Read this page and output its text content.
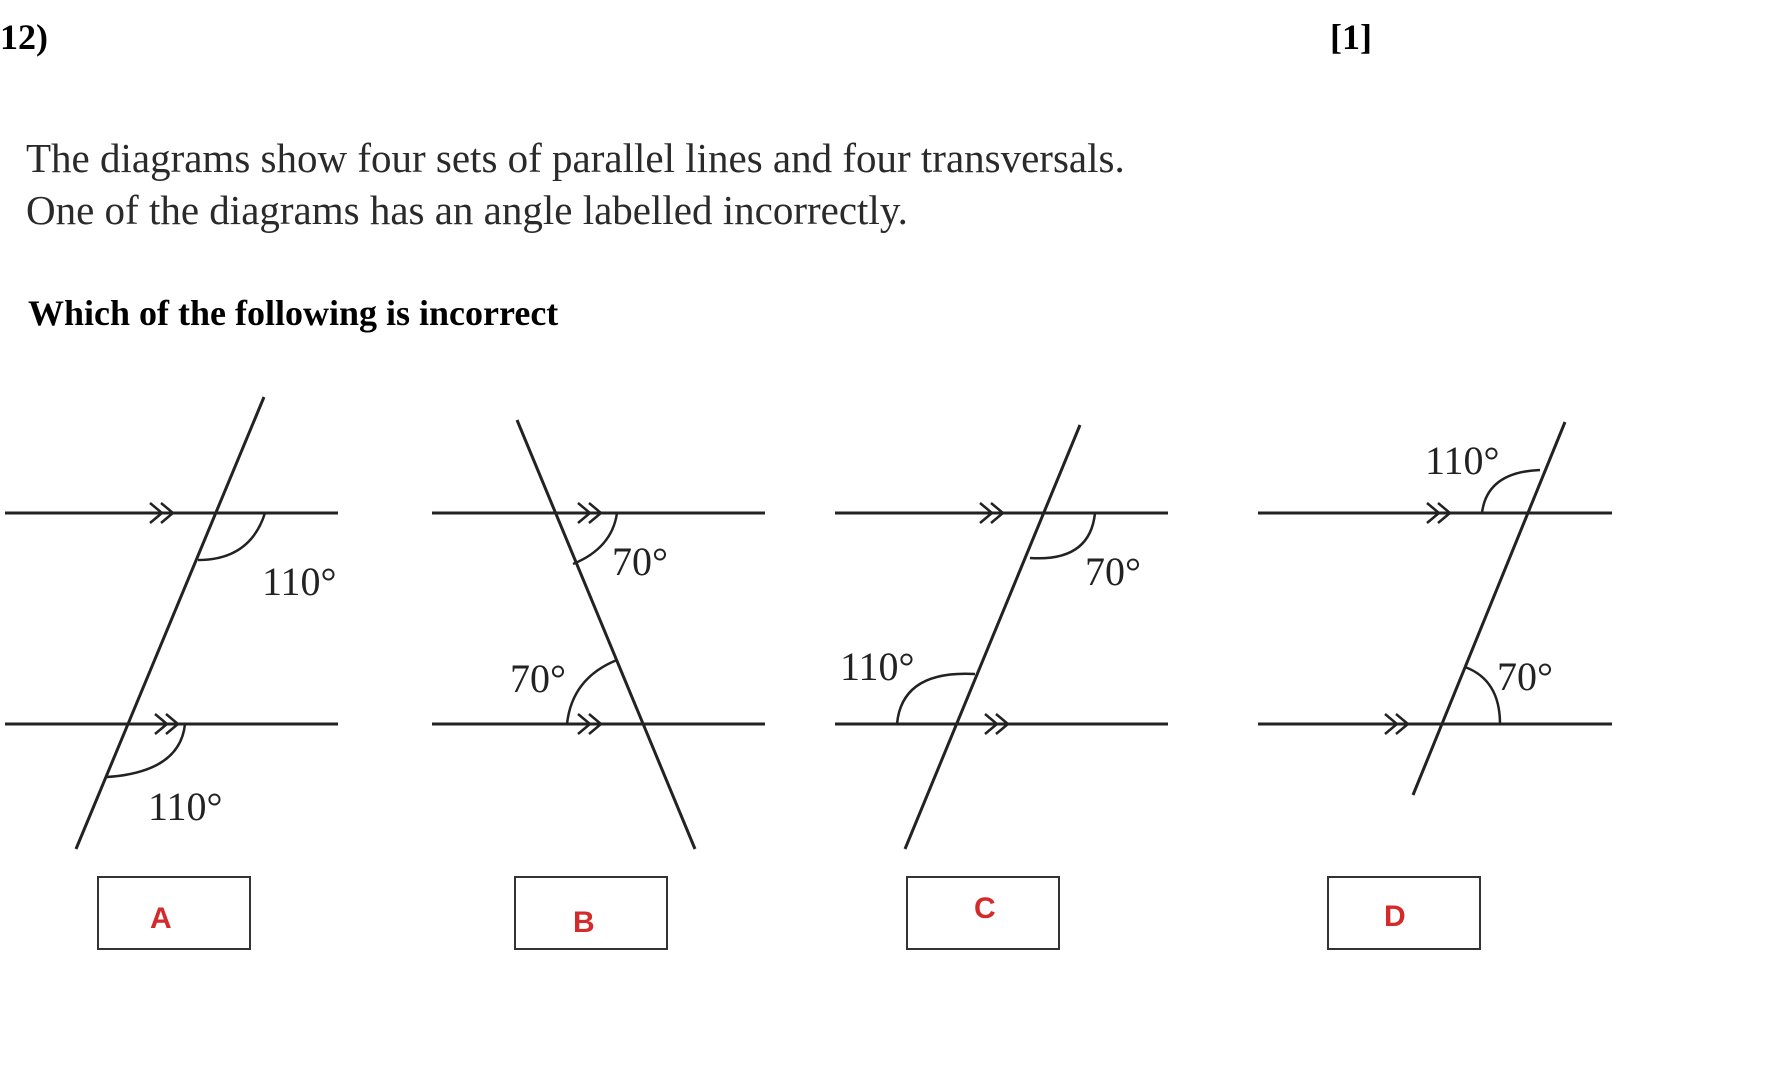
12)	[1]
The diagrams show four sets of parallel lines and four transversals.
One of the diagrams has an angle labelled incorrectly.
Which of the following is incorrect
110°
110°
70°
70°
70°
110°
110°
70°
A	B	C	D
